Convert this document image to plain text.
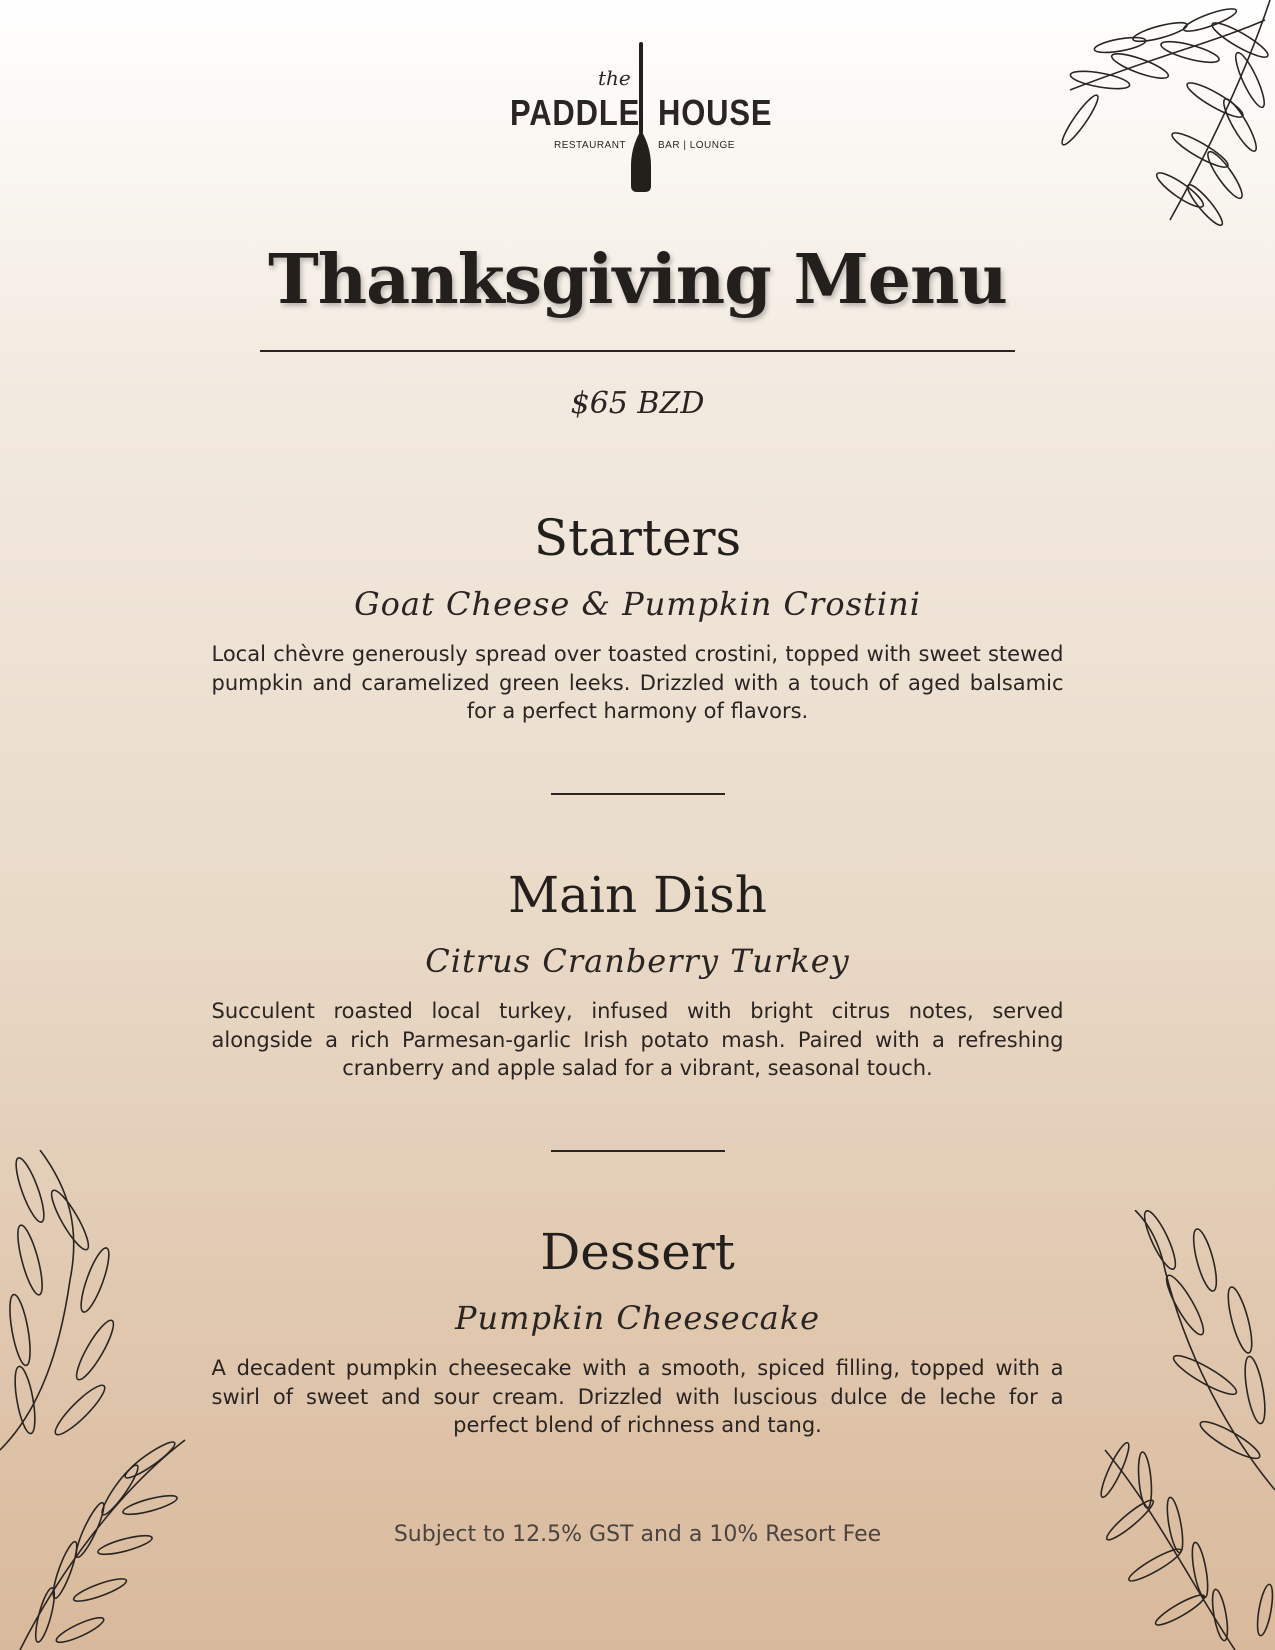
the
PADDLE HOUSE
RESTAURANT	BAR | LOUNGE
Thanksgiving Menu
$65 BZD
Starters
Goat Cheese & Pumpkin Crostini
Local chèvre generously spread over toasted crostini, topped with sweet stewed pumpkin and caramelized green leeks. Drizzled with a touch of aged balsamic for a perfect harmony of flavors.
Main Dish
Citrus Cranberry Turkey
Succulent roasted local turkey, infused with bright citrus notes, served alongside a rich Parmesan-garlic Irish potato mash. Paired with a refreshing cranberry and apple salad for a vibrant, seasonal touch.
Dessert
Pumpkin Cheesecake
A decadent pumpkin cheesecake with a smooth, spiced filling, topped with a swirl of sweet and sour cream. Drizzled with luscious dulce de leche for a perfect blend of richness and tang.
Subject to 12.5% GST and a 10% Resort Fee
